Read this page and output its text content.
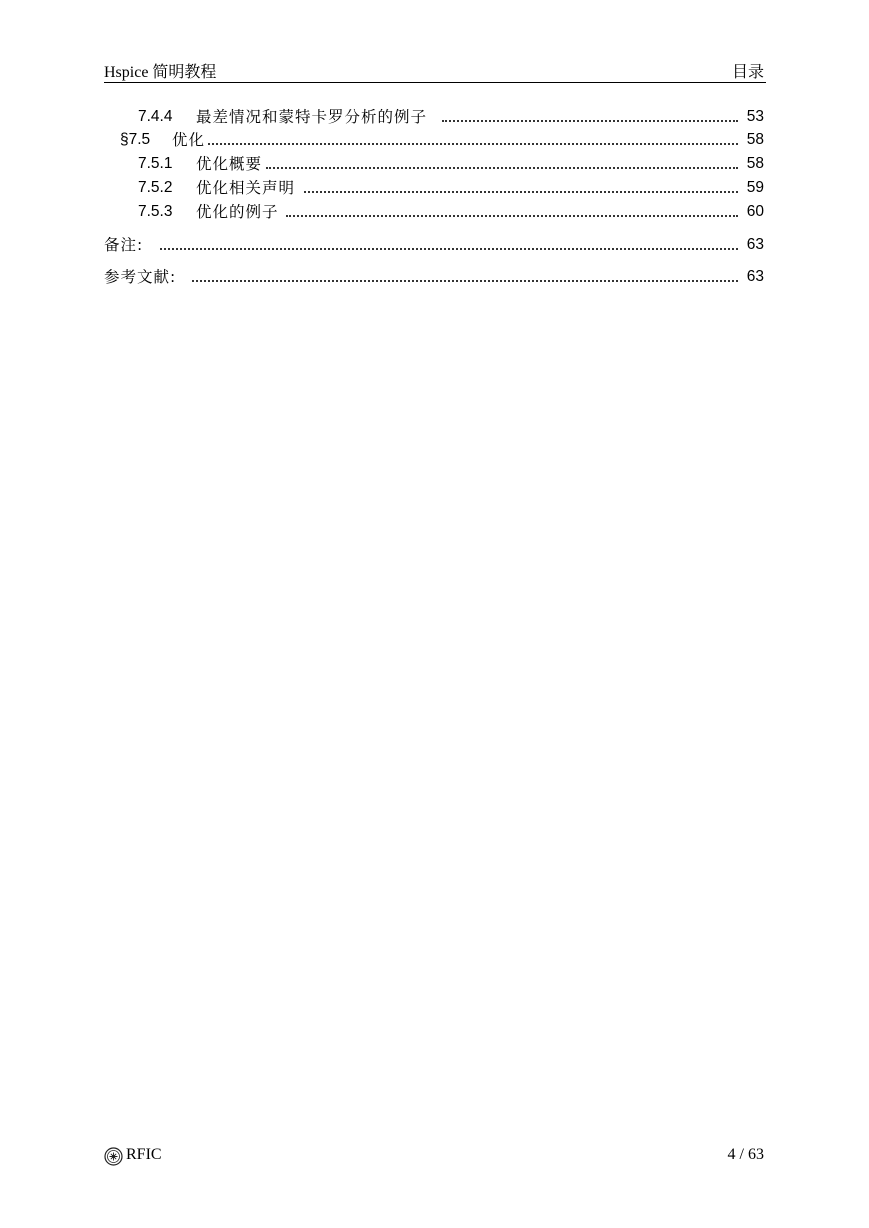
Hspice 简明教程	目录
7.4.4 最差情况和蒙特卡罗分析的例子	53
§7.5 优化	58
7.5.1 优化概要	58
7.5.2 优化相关声明	59
7.5.3 优化的例子	60
备注:	63
参考文献:	63
RFIC	4 / 63
